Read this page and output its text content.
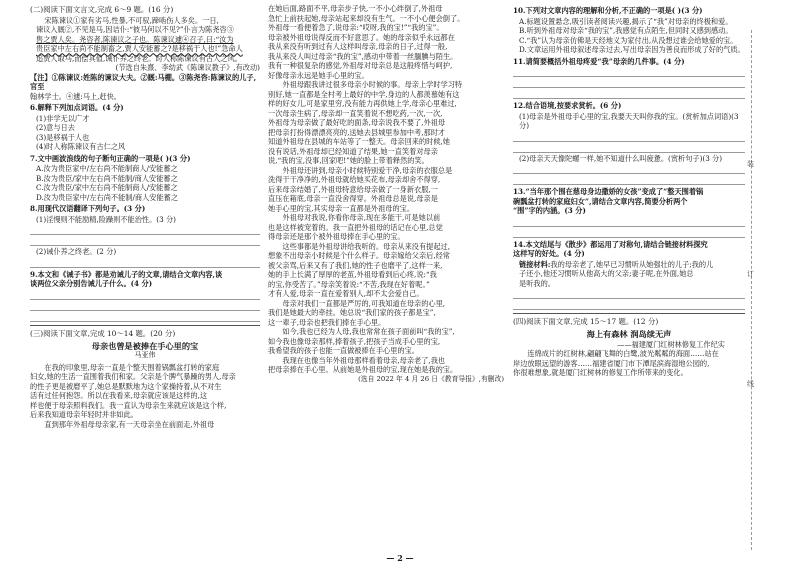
(二)阅读下面文言文,完成 6～9 题。(16 分)

宋陈谏议①家有劣马,性暴,不可驭,蹄啮伤人多矣。一日,

谏议入厩②,不见是马,因诘仆:“彼马何以不见?”仆言为陈尧咨③

售之贾人矣。尧咨者,陈谏议之子也。陈谏议遽④召子,曰:“汝为

贵臣家中左右尚不能制畜之,贾人安能蓄之?是移祸于人也!”急命人

追贾人取马,而偿其值,诫仆养之终老。时人称陈谏议有古人之风。

(节选自朱熹、李幼武《陈谏议教子》,有改动)
【注】①陈谏议:姓陈的谏议大夫。②厩:马棚。③陈尧咨:陈谏议的儿子,官至
翰林学士。④遽:马上,赶快。
6.解释下列加点词语。(4 分)
(1)非学无以广才
(2)意与日去
(3)是移祸于人也
(4)时人称陈谏议有古仁之风
7.文中画波浪线的句子断句正确的一项是( )(3 分)
A.汝为贵臣家中/左右尚不能制商人/安能蓄之
B.汝为贵臣/家中左右尚不能制/商人安能蓄之
C.汝为贵臣/家中左右尚不能制商人/安能蓄之
D.汝为贵臣家中/左右尚不能制/商人安能蓄之
8.用现代汉语翻译下列句子。(3 分)
(1)淫慢则不能励精,险躁则不能治性。(3 分)
(2)诫仆养之终老。(2 分)
9.本文和《诫子书》都是劝诫儿子的文章,请结合文章内容,谈
谈两位父亲分别告诫儿子什么。(4 分)
(三)阅读下面文章,完成 10～14 题。(20 分)
母亲也曾是被捧在手心里的宝
马亚伟

在我的印象里,母亲一直是个整天围着锅瓢盆打转的家庭

妇女,她的生活一直围着我们和家。父亲是个脾气暴躁的男人,母亲

的性子更是被磨平了,她总是默默地为这个家操持着,从不对生

活有过任何抱怨。所以在我看来,母亲就应该是这样的,这

样也便于母亲照料我们。我一直认为母亲生来就应该是这个样,

后来我知道母亲年轻时并非如此。

直到那年外祖母母亲家,有一天母亲坐在前面走,外祖母

在她后面,路面不平,母亲步子快,一不小心绊倒了,外祖母

急忙上前扶起她,母亲站起来却没有生气。一不小心便会倒了。

外祖母一看便着急了,说母亲:“哎呀,我的宝!”“我的宝”。

母亲被外祖母说得反而不好意思了。她的母亲似乎永远都在

我从来没有听到过有人这样叫母亲,母亲的日子,过得一般,

我从来没人叫过母亲“我的宝”,感动中带着一丝腼腆与陌生。

我有一种很复杂的感觉,外祖母对母亲总是这般疼惜与呵护,

好像母亲永远是她手心里的宝。

外祖母跟我讲过很多母亲小时候的事。母亲上学时学习特

别好,她一直都是全村考上最好的中学,身边的人都羡慕她有这

样的好女儿,可是家里穷,没有能力再供她上学,母亲心里难过,

一次母亲生病了,母亲却一直笑着说不想吃药,一次,一次,

外祖母为母亲做了最好吃的面条,母亲说我不要了,外祖母

把母亲打扮得漂漂亮亮的,送她去县城里参加中考,那时才

知道外祖母在县城的车站等了一整天。母亲回来的时候,她

没有说话,外祖母却已经知道了结果,她一直笑着对母亲

说,“我的宝,没事,回家吧!”她的脸上带着释然的笑。

外祖母还讲到,母亲小时候特别爱干净,母亲的衣服总是

洗得干干净净的,外祖母就给她买花布,母亲却舍不得穿,

后来母亲结婚了,外祖母特意给母亲做了一身新衣服,一

直压在箱底,母亲一直没舍得穿。外祖母总是说,母亲是

她手心里的宝,其实母亲一直都是外祖母的宝。

外祖母对我说,你看你母亲,现在多能干,可是她以前

也是这样被宠着的。我一直把外祖母的话记在心里,总觉

得母亲还是那个被外祖母捧在手心里的宝。

这些事都是外祖母讲给我听的。母亲从来没有提起过,

想象不出母亲小时候是个什么样子。母亲嫁给父亲后,经常

被父亲骂,后来又有了我们,她的性子也磨平了,这样一来,

她的手上长满了厚厚的老茧,外祖母看到后心疼,说:“我

的宝,你受苦了。”母亲笑着说:“不苦,我现在好着呢。”

才有人爱,母亲一直在爱着别人,却不太会爱自己。

母亲对我们一直都是严厉的,可我知道在母亲的心里,

我们是她最大的牵挂。她总说“我们家的孩子都是宝”,

这一辈子,母亲也把我们捧在手心里。

如今,我也已经为人母,我也常常在孩子面前叫“我的宝”,

如今我也像母亲那样,捧着孩子,把孩子当成手心里的宝,

我希望我的孩子也能一直做被捧在手心里的宝。

我现在也像当年外祖母那样看着母亲,母亲老了,我也

把母亲捧在手心里。从前她是外祖母的宝,现在她是我的宝。

(选自 2022 年 4 月 26 日《教育导报》,有删改)
10.下列对文章内容的理解和分析,不正确的一项是( )(3 分)
A.标题设置悬念,吸引读者阅读兴趣,揭示了“我”对母亲的终极和爱。
B.听到外祖母对母亲“我的宝”,我感觉有点陌生,但同时又感到感动。
C.“我”认为母亲仿佛是天经地义为家付出,从没想过谁会给她爱的宝。
D.文章运用外祖母叙述母亲过去,写出母亲因为善良而形成了好的气质。
11.请简要概括外祖母疼爱“我”母亲的几件事。(4 分)
12.结合语境,按要求赏析。(6 分)
(1)母亲是外祖母手心里的宝,我要天天叫你我的宝。(赏析加点词语)(3 分)
(2)母亲天天像陀螺一样,她不知道什么叫疲惫。(赏析句子)(3 分)
13.“当年那个围在慈母身边撒娇的女孩”变成了“整天围着锅
碗瓢盆打转的家庭妇女”,请结合文章内容,简要分析两个
“围”字的内涵。(3 分)
14.本文结尾与《散步》都运用了对称句,请结合链接材料探究
这样写的好处。(4 分)
链接材料:我的母亲老了,她早已习惯听从她强壮的儿子;我的儿
子还小,他还习惯听从他高大的父亲;妻子呢,在外面,她总
是听我的。
(四)阅读下面文章,完成 15～17 题。(12 分)
海上有森林 润岛续无声
——福建厦门红树林修复工作纪实

连绵成片的红树林,翩翩飞舞的白鹭,波光粼粼的海面……站在

岸边放眼远望的游客……福建省厦门市下潭尾滨海湿地公园的,

你很难想象,就是厦门红树林的修复工作所带来的变化。

装
订
线
— 2 —
